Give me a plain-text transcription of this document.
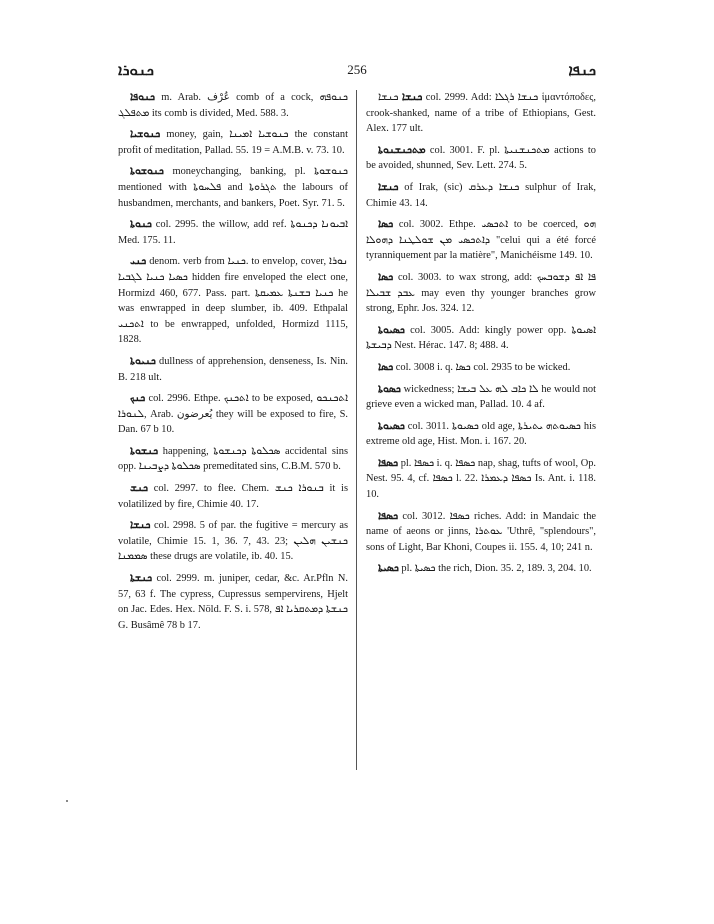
ܟܢܘܪܐ	256	ܟܢܦܐ

ܟܢܘܦܐ m. Arab. عُرْف comb of a cock, ܟܢܘܦܗ ܡܬܦܠܓ its comb is divided, Med. 588. 3.

ܟܢܘܫܝܐ money, gain, ܟܢܘܫܝܐ ܐܡܝܢܐ the constant profit of meditation, Pallad. 55. 19 = A.M.B. v. 73. 10.

ܟܢܘܫܘܬܐ moneychanging, banking, pl. ܟܢܘܫܘܬܐ mentioned with ܦܠܚܘܬܐ and ܬܓܪܘܬܐ the labours of husbandmen, merchants, and bankers, Poet. Syr. 71. 5.

ܟܢܘܬܐ col. 2995. the willow, add ref. ܐܒܝܘܢܐ ܕܟܢܘܬܐ Med. 175. 11.

ܟܢܝ denom. verb from ܟܢܝܐ. to envelop, cover, ܢܘܪܐ ܟܣܝܐ ܟܢܝܐ ܠܓܒܝܐ hidden fire enveloped the elect one, Hormizd 460, 677. Pass. part. ܟܢܝܐ ܒܫܢܬܐ ܥܡܝܩܬܐ he was enwrapped in deep slumber, ib. 409. Ethpalal ܐܬܟܢܝ to be enwrapped, unfolded, Hormizd 1115, 1828.

ܟܢܝܘܬܐ dullness of apprehension, denseness, Is. Nin. B. 218 ult.

ܟܢܟ col. 2996. Ethpe. ܐܬܟܢܟ to be exposed, ܐܬܟܢܟܘ ܠܢܘܪܐ, Arab. يُعرضون they will be exposed to fire, S. Dan. 67 b 10.

ܟܢܫܘܬܐ happening, ܣܟܠܘܬܐ ܕܟܢܫܘܬܐ accidental sins opp. ܣܟܠܘܬܐ ܕܨܒܝܢܐ premeditated sins, C.B.M. 570 b.

ܟܢܫ col. 2997. to flee. Chem. ܒܢܘܪܐ ܟܢܫ it is volatilized by fire, Chimie 40. 17.

ܟܢܫܐ col. 2998. 5 of par. the fugitive = mercury as volatile, Chimie 15. 1, 36. 7, 43. 23; ܟܢܫܝܢ ܗܠܝܢ ܣܡܡܢܐ these drugs are volatile, ib. 40. 15.

ܟܢܫܬܐ col. 2999. m. juniper, cedar, &c. Ar.Pfln N. 57, 63 f. The cypress, Cupressus sempervirens, Hjelt on Jac. Edes. Hex. Nöld. F. S. i. 578, ܟܢܫܬܐ ܕܡܬܩܪܝܐ ܐܦ G. Busâmê 78 b 17.

ܟܢܫܐ ܟܢܫܐ col. 2999. Add: ܟܢܫܐ ܪܓܠܐ ἱμαντόποδες, crook-shanked, name of a tribe of Ethiopians, Gest. Alex. 177 ult.

ܡܬܟܢܫܢܘܬܐ col. 3001. F. pl. ܡܬܟܢܫܢܝܬܐ actions to be avoided, shunned, Sev. Lett. 274. 5.

ܟܢܫܐ of Irak, (sic) ܟܢܫܐ ܕܥܪܩ sulphur of Irak, Chimie 43. 14.

ܟܣܐ col. 3002. Ethpe. ܐܬܟܣܝ to be coerced, ܗܘ ܕܐܬܟܣܝ ܡܢ ܫܘܠܛܢܐ ܕܗܘܠܐ "celui qui a été forcé tyranniquement par la matière", Manichéisme 149. 10.

ܟܣܐ col. 3003. to wax strong, add: ܦܐ ܐܦ ܕܫܘܒܚܟ ܥܒܕ ܫܒܝܠܐ may even thy younger branches grow strong, Ephr. Jos. 324. 12.

ܟܣܝܘܬܐ col. 3005. Add: kingly power opp. ܐܣܝܘܬܐ ܕܒܝܫܬܐ Nest. Hérac. 147. 8; 488. 4.

ܟܣܐ col. 3008 i. q. ܟܣܐ col. 2935 to be wicked.

ܟܣܘܬܐ wickedness; ܠܐ ܟܐܒ ܠܗ ܥܠ ܒܝܫܐ he would not grieve even a wicked man, Pallad. 10. 4 af.

ܟܣܝܘܬܐ col. 3011. ܟܣܝܘܬܐ old age, ܟܣܝܘܬܗ ܝܬܝܪܬܐ his extreme old age, Hist. Mon. i. 167. 20.

ܟܣܦܐ pl. ܟܣܦܐ i. q. ܟܣܦܐ nap, shag, tufts of wool, Op. Nest. 95. 4, cf. ܟܣܦܐ l. 22. ܟܣܦܐ ܕܥܡܪܐ Is. Ant. i. 118. 10.

ܟܣܦܐ col. 3012. ܟܣܦܐ riches. Add: in Mandaic the name of aeons or jinns, ܥܘܬܪܐ 'Uthrê, "splendours", sons of Light, Bar Khoni, Coupes ii. 155. 4, 10; 241 n.

ܟܣܝܬܐ pl. ܟܣܝܬܐ the rich, Dion. 35. 2, 189. 3, 204. 10.
